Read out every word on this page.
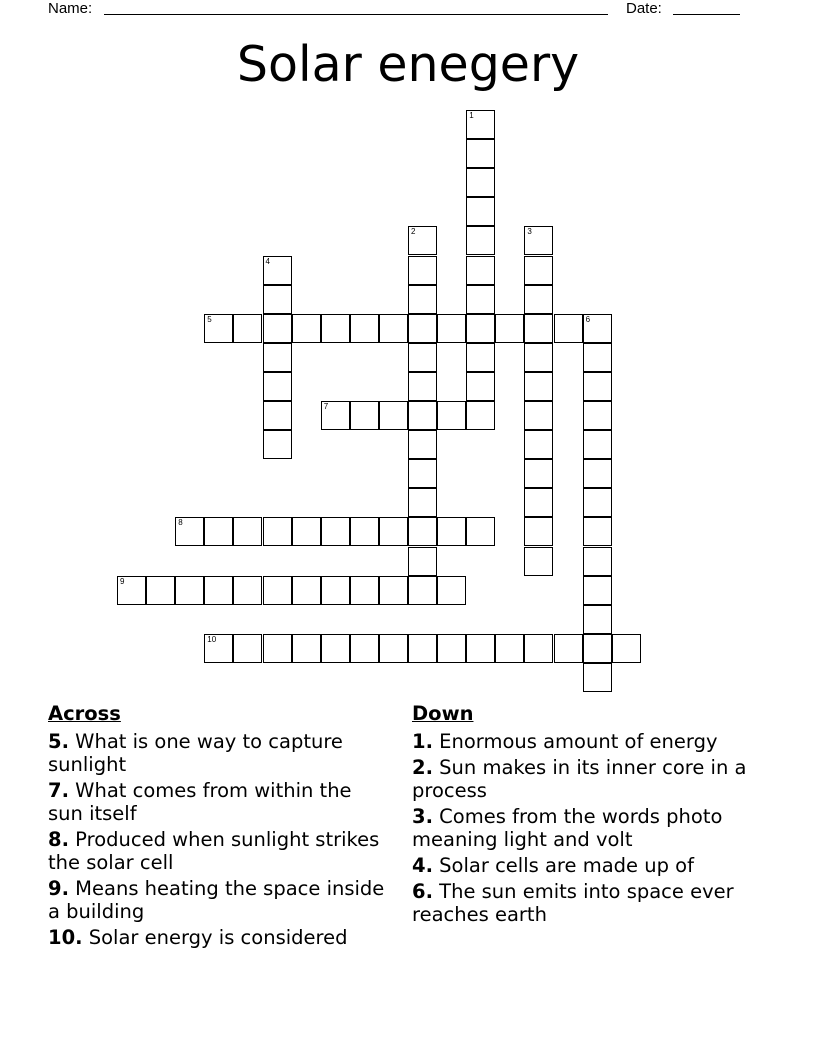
Name:	Date:
Solar enegery
1
2	3
4
5	6
7
8
9
10
Across
5. What is one way to capture sunlight
7. What comes from within the sun itself
8. Produced when sunlight strikes the solar cell
9. Means heating the space inside a building
10. Solar energy is considered
Down
1. Enormous amount of energy
2. Sun makes in its inner core in a process
3. Comes from the words photo meaning light and volt
4. Solar cells are made up of
6. The sun emits into space ever reaches earth
